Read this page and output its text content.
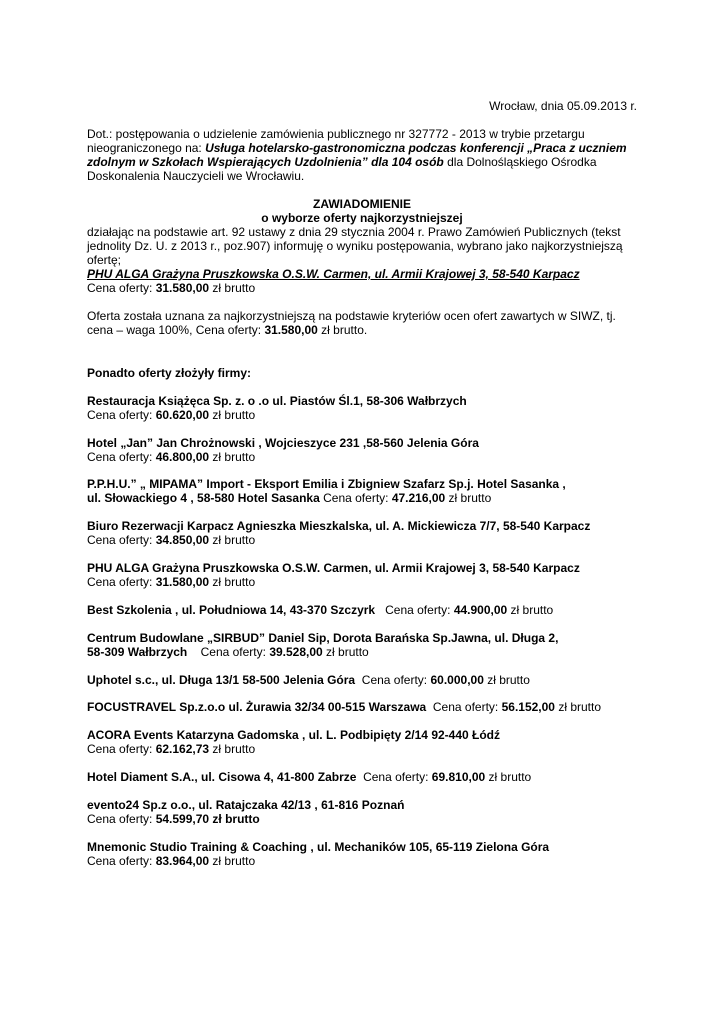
Wrocław, dnia 05.09.2013 r.
Dot.: postępowania o udzielenie zamówienia publicznego nr 327772 - 2013 w trybie przetargu
nieograniczonego na: Usługa hotelarsko-gastronomiczna podczas konferencji „Praca z uczniem
zdolnym w Szkołach Wspierających Uzdolnienia” dla 104 osób dla Dolnośląskiego Ośrodka
Doskonalenia Nauczycieli we Wrocławiu.
ZAWIADOMIENIE
o wyborze oferty najkorzystniejszej
działając na podstawie art. 92 ustawy z dnia 29 stycznia 2004 r. Prawo Zamówień Publicznych (tekst
jednolity Dz. U. z 2013 r., poz.907) informuję o wyniku postępowania, wybrano jako najkorzystniejszą
ofertę;
PHU ALGA Grażyna Pruszkowska O.S.W. Carmen, ul. Armii Krajowej 3, 58-540 Karpacz
Cena oferty: 31.580,00 zł brutto
Oferta została uznana za najkorzystniejszą na podstawie kryteriów ocen ofert zawartych w SIWZ, tj.
cena – waga 100%, Cena oferty: 31.580,00 zł brutto.
Ponadto oferty złożyły firmy:
Restauracja Książęca Sp. z. o .o ul. Piastów Śl.1, 58-306 Wałbrzych
Cena oferty: 60.620,00 zł brutto
Hotel „Jan” Jan Chrożnowski , Wojcieszyce 231 ,58-560 Jelenia Góra
Cena oferty: 46.800,00 zł brutto
P.P.H.U.” „ MIPAMA” Import - Eksport Emilia i Zbigniew Szafarz Sp.j. Hotel Sasanka ,
ul. Słowackiego 4 , 58-580 Hotel Sasanka Cena oferty: 47.216,00 zł brutto
Biuro Rezerwacji Karpacz Agnieszka Mieszkalska, ul. A. Mickiewicza 7/7, 58-540 Karpacz
Cena oferty: 34.850,00 zł brutto
PHU ALGA Grażyna Pruszkowska O.S.W. Carmen, ul. Armii Krajowej 3, 58-540 Karpacz
Cena oferty: 31.580,00 zł brutto
Best Szkolenia , ul. Południowa 14, 43-370 Szczyrk   Cena oferty: 44.900,00 zł brutto
Centrum Budowlane „SIRBUD” Daniel Sip, Dorota Barańska Sp.Jawna, ul. Długa 2,
58-309 Wałbrzych    Cena oferty: 39.528,00 zł brutto
Uphotel s.c., ul. Długa 13/1 58-500 Jelenia Góra  Cena oferty: 60.000,00 zł brutto
FOCUSTRAVEL Sp.z.o.o ul. Żurawia 32/34 00-515 Warszawa  Cena oferty: 56.152,00 zł brutto
ACORA Events Katarzyna Gadomska , ul. L. Podbipięty 2/14 92-440 Łódź
Cena oferty: 62.162,73 zł brutto
Hotel Diament S.A., ul. Cisowa 4, 41-800 Zabrze  Cena oferty: 69.810,00 zł brutto
evento24 Sp.z o.o., ul. Ratajczaka 42/13 , 61-816 Poznań
Cena oferty: 54.599,70 zł brutto
Mnemonic Studio Training & Coaching , ul. Mechaników 105, 65-119 Zielona Góra
Cena oferty: 83.964,00 zł brutto
